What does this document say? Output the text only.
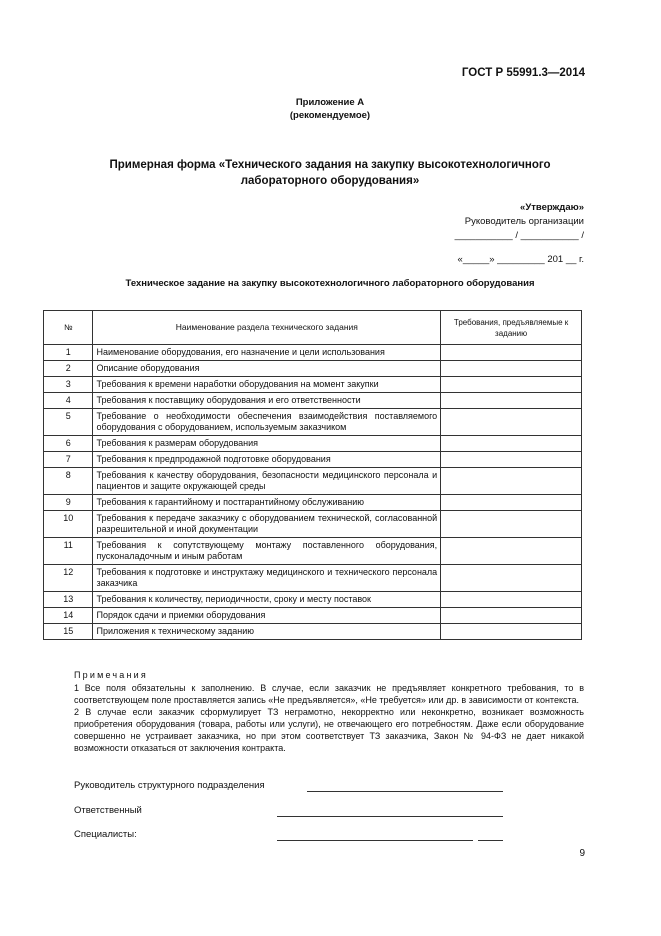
ГОСТ Р 55991.3—2014
Приложение А
(рекомендуемое)
Примерная форма «Технического задания на закупку высокотехнологичного
лабораторного оборудования»
«Утверждаю»
Руководитель организации
___________ / ___________ /
«_____» _________ 201 __ г.
Техническое задание на закупку высокотехнологичного лабораторного оборудования
№	Наименование раздела технического задания	Требования, предъявляемые к заданию
1	Наименование оборудования, его назначение и цели использования	
2	Описание оборудования	
3	Требования к времени наработки оборудования на момент закупки	
4	Требования к поставщику оборудования и его ответственности	
5	Требование о необходимости обеспечения взаимодействия поставляемого оборудования с оборудованием, используемым заказчиком	
6	Требования к размерам оборудования	
7	Требования к предпродажной подготовке оборудования	
8	Требования к качеству оборудования, безопасности медицинского персонала и пациентов и защите окружающей среды	
9	Требования к гарантийному и постгарантийному обслуживанию	
10	Требования к передаче заказчику с оборудованием технической, согласованной разрешительной и иной документации	
11	Требования к сопутствующему монтажу поставленного оборудования, пусконаладочным и иным работам	
12	Требования к подготовке и инструктажу медицинского и технического персонала заказчика	
13	Требования к количеству, периодичности, сроку и месту поставок	
14	Порядок сдачи и приемки оборудования	
15	Приложения к техническому заданию	
Примечания

1 Все поля обязательны к заполнению. В случае, если заказчик не предъявляет конкретного требования, то в соответствующем поле проставляется запись «Не предъявляется», «Не требуется» или др. в зависимости от контекста.

2 В случае если заказчик сформулирует ТЗ неграмотно, некорректно или неконкретно, возникает возможность приобретения оборудования (товара, работы или услуги), не отвечающего его потребностям. Даже если оборудование совершенно не устраивает заказчика, но при этом соответствует ТЗ заказчика, Закон № 94-ФЗ не дает никакой возможности отказаться от заключения контракта.

Руководитель структурного подразделения
Ответственный
Специалисты:
9
